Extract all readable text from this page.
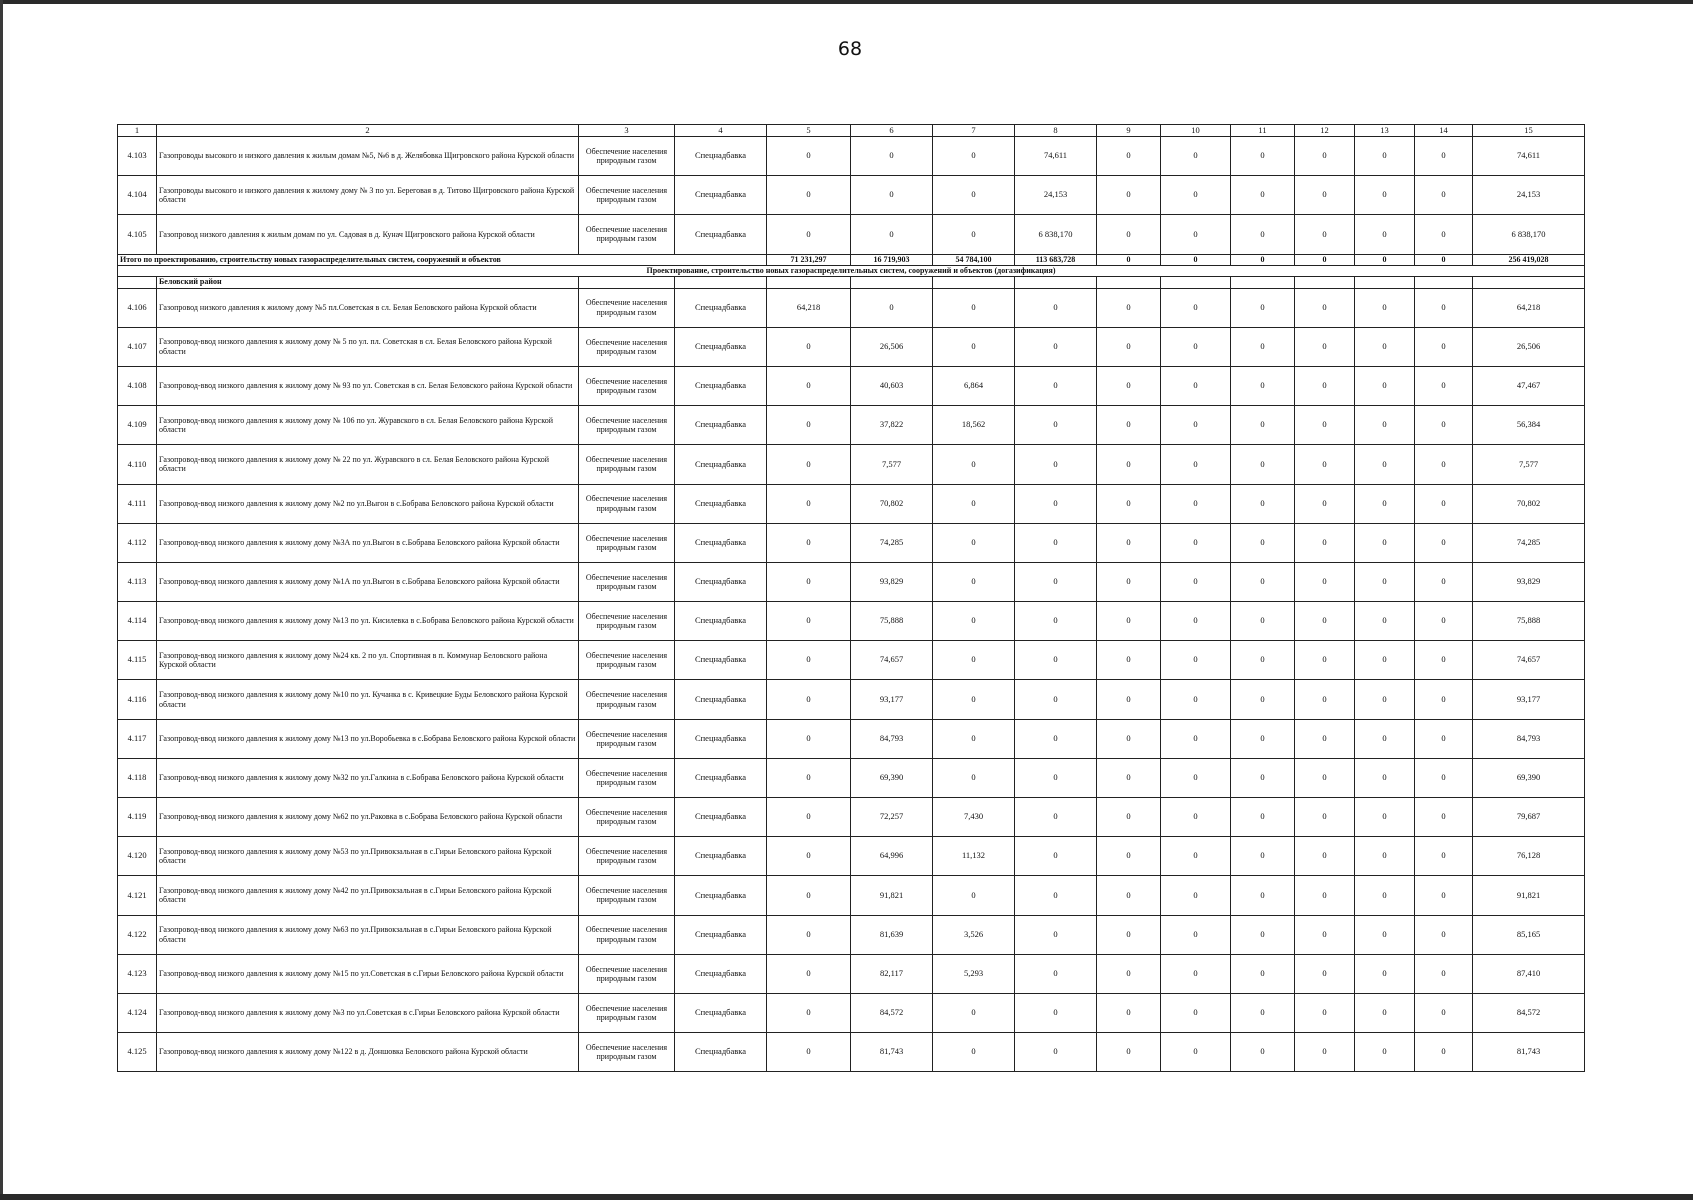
68
1	2	3	4	5	6	7	8	9	10	11	12	13	14	15
4.103	Газопроводы высокого и низкого давления к жилым домам №5, №6 в д. Желябовка Щигровского района Курской области	Обеспечение населения природным газом	Спецнадбавка	0	0	0	74,611	0	0	0	0	0	0	74,611
4.104	Газопроводы высокого и низкого давления к жилому дому № 3 по ул. Береговая в д. Титово Щигровского района Курской области	Обеспечение населения природным газом	Спецнадбавка	0	0	0	24,153	0	0	0	0	0	0	24,153
4.105	Газопровод низкого давления к жилым домам по ул. Садовая в д. Кунач Щигровского района Курской области	Обеспечение населения природным газом	Спецнадбавка	0	0	0	6 838,170	0	0	0	0	0	0	6 838,170
Итого по проектированию, строительству новых газораспределительных систем, сооружений и объектов				71 231,297	16 719,903	54 784,100	113 683,728	0	0	0	0	0	0	256 419,028
Проектирование, строительство новых газораспределительных систем, сооружений и объектов (догазификация)														
	Беловский район													
4.106	Газопровод низкого давления к жилому дому №5 пл.Советская в сл. Белая Беловского района Курской области	Обеспечение населения природным газом	Спецнадбавка	64,218	0	0	0	0	0	0	0	0	0	64,218
4.107	Газопровод-ввод низкого давления к жилому дому № 5 по ул. пл. Советская в сл. Белая Беловского района Курской области	Обеспечение населения природным газом	Спецнадбавка	0	26,506	0	0	0	0	0	0	0	0	26,506
4.108	Газопровод-ввод низкого давления к жилому дому № 93 по ул. Советская в сл. Белая Беловского района Курской области	Обеспечение населения природным газом	Спецнадбавка	0	40,603	6,864	0	0	0	0	0	0	0	47,467
4.109	Газопровод-ввод низкого давления к жилому дому № 106 по ул. Журавского в сл. Белая Беловского района Курской области	Обеспечение населения природным газом	Спецнадбавка	0	37,822	18,562	0	0	0	0	0	0	0	56,384
4.110	Газопровод-ввод низкого давления к жилому дому № 22 по ул. Журавского в сл. Белая Беловского района Курской области	Обеспечение населения природным газом	Спецнадбавка	0	7,577	0	0	0	0	0	0	0	0	7,577
4.111	Газопровод-ввод низкого давления к жилому дому №2 по ул.Выгон в с.Бобрава Беловского района Курской области	Обеспечение населения природным газом	Спецнадбавка	0	70,802	0	0	0	0	0	0	0	0	70,802
4.112	Газопровод-ввод низкого давления к жилому дому №3А по ул.Выгон в с.Бобрава Беловского района Курской области	Обеспечение населения природным газом	Спецнадбавка	0	74,285	0	0	0	0	0	0	0	0	74,285
4.113	Газопровод-ввод низкого давления к жилому дому №1А по ул.Выгон в с.Бобрава Беловского района Курской области	Обеспечение населения природным газом	Спецнадбавка	0	93,829	0	0	0	0	0	0	0	0	93,829
4.114	Газопровод-ввод низкого давления к жилому дому №13 по ул. Кисилевка в с.Бобрава Беловского района Курской области	Обеспечение населения природным газом	Спецнадбавка	0	75,888	0	0	0	0	0	0	0	0	75,888
4.115	Газопровод-ввод низкого давления к жилому дому №24 кв. 2 по ул. Спортивная в п. Коммунар Беловского района Курской области	Обеспечение населения природным газом	Спецнадбавка	0	74,657	0	0	0	0	0	0	0	0	74,657
4.116	Газопровод-ввод низкого давления к жилому дому №10 по ул. Кучанка в с. Кривецкие Буды Беловского района Курской области	Обеспечение населения природным газом	Спецнадбавка	0	93,177	0	0	0	0	0	0	0	0	93,177
4.117	Газопровод-ввод низкого давления к жилому дому №13 по ул.Воробьевка в с.Бобрава Беловского района Курской области	Обеспечение населения природным газом	Спецнадбавка	0	84,793	0	0	0	0	0	0	0	0	84,793
4.118	Газопровод-ввод низкого давления к жилому дому №32 по ул.Галкина в с.Бобрава Беловского района Курской области	Обеспечение населения природным газом	Спецнадбавка	0	69,390	0	0	0	0	0	0	0	0	69,390
4.119	Газопровод-ввод низкого давления к жилому дому №62 по ул.Раковка в с.Бобрава Беловского района Курской области	Обеспечение населения природным газом	Спецнадбавка	0	72,257	7,430	0	0	0	0	0	0	0	79,687
4.120	Газопровод-ввод низкого давления к жилому дому №53 по ул.Привокзальная в с.Гирьи Беловского района Курской области	Обеспечение населения природным газом	Спецнадбавка	0	64,996	11,132	0	0	0	0	0	0	0	76,128
4.121	Газопровод-ввод низкого давления к жилому дому №42 по ул.Привокзальная в с.Гирьи Беловского района Курской области	Обеспечение населения природным газом	Спецнадбавка	0	91,821	0	0	0	0	0	0	0	0	91,821
4.122	Газопровод-ввод низкого давления к жилому дому №63 по ул.Привокзальная в с.Гирьи Беловского района Курской области	Обеспечение населения природным газом	Спецнадбавка	0	81,639	3,526	0	0	0	0	0	0	0	85,165
4.123	Газопровод-ввод низкого давления к жилому дому №15 по ул.Советская в с.Гирьи Беловского района Курской области	Обеспечение населения природным газом	Спецнадбавка	0	82,117	5,293	0	0	0	0	0	0	0	87,410
4.124	Газопровод-ввод низкого давления к жилому дому №3 по ул.Советская в с.Гирьи Беловского района Курской области	Обеспечение населения природным газом	Спецнадбавка	0	84,572	0	0	0	0	0	0	0	0	84,572
4.125	Газопровод-ввод низкого давления к жилому дому №122 в д. Доншовка Беловского района Курской области	Обеспечение населения природным газом	Спецнадбавка	0	81,743	0	0	0	0	0	0	0	0	81,743
